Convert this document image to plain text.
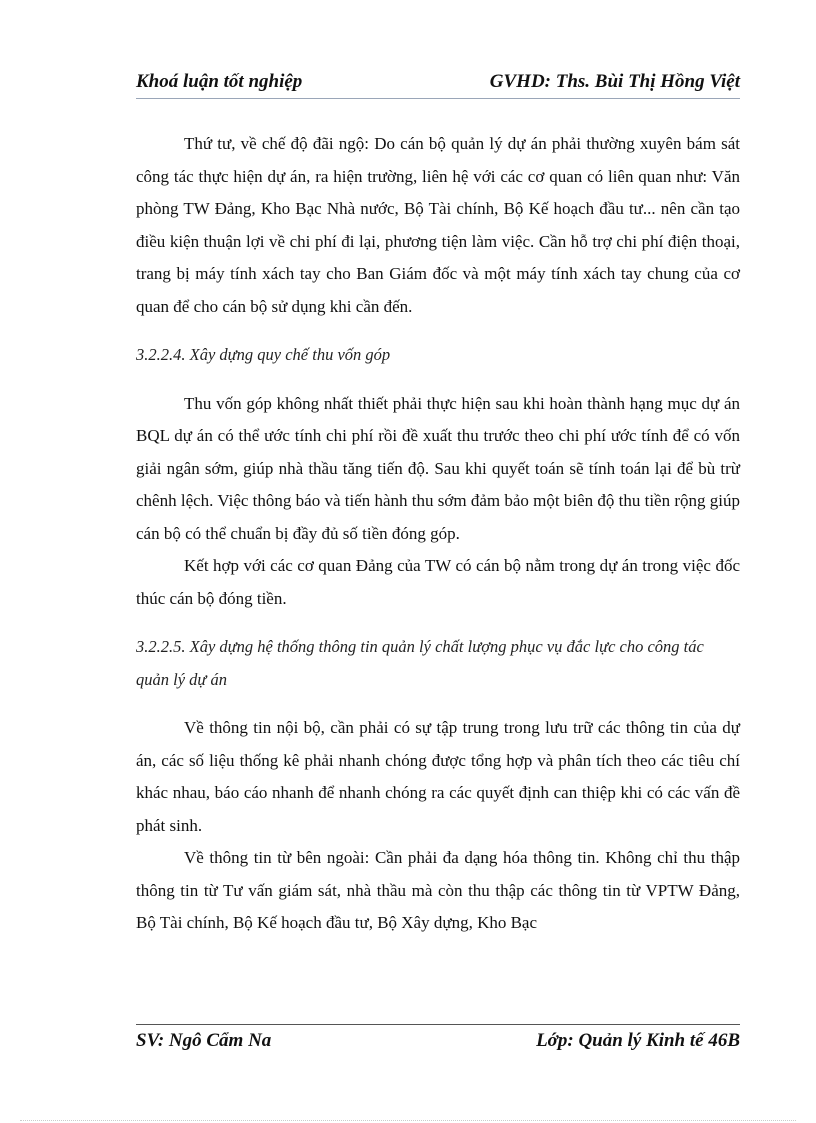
Khoá luận tốt nghiệp	GVHD: Ths. Bùi Thị Hồng Việt

Thứ tư, về chế độ đãi ngộ: Do cán bộ quản lý dự án phải thường xuyên bám sát công tác thực hiện dự án, ra hiện trường, liên hệ với các cơ quan có liên quan như: Văn phòng TW Đảng, Kho Bạc Nhà nước, Bộ Tài chính, Bộ Kế hoạch đầu tư... nên cần tạo điều kiện thuận lợi về chi phí đi lại, phương tiện làm việc. Cần hỗ trợ chi phí điện thoại, trang bị máy tính xách tay cho Ban Giám đốc và một máy tính xách tay chung của cơ quan để cho cán bộ sử dụng khi cần đến.

3.2.2.4. Xây dựng quy chế thu vốn góp

Thu vốn góp không nhất thiết phải thực hiện sau khi hoàn thành hạng mục dự án BQL dự án có thể ước tính chi phí rồi đề xuất thu trước theo chi phí ước tính để có vốn giải ngân sớm, giúp nhà thầu tăng tiến độ. Sau khi quyết toán sẽ tính toán lại để bù trừ chênh lệch. Việc thông báo và tiến hành thu sớm đảm bảo một biên độ thu tiền rộng giúp cán bộ có thể chuẩn bị đầy đủ số tiền đóng góp.

Kết hợp với các cơ quan Đảng của TW có cán bộ nằm trong dự án trong việc đốc thúc cán bộ đóng tiền.

3.2.2.5. Xây dựng hệ thống thông tin quản lý chất lượng phục vụ đắc lực cho công tác quản lý dự án

Về thông tin nội bộ, cần phải có sự tập trung trong lưu trữ các thông tin của dự án, các số liệu thống kê phải nhanh chóng được tổng hợp và phân tích theo các tiêu chí khác nhau, báo cáo nhanh để nhanh chóng ra các quyết định can thiệp khi có các vấn đề phát sinh.

Về thông tin từ bên ngoài: Cần phải đa dạng hóa thông tin. Không chỉ thu thập thông tin từ Tư vấn giám sát, nhà thầu mà còn thu thập các thông tin từ VPTW Đảng, Bộ Tài chính, Bộ Kế hoạch đầu tư, Bộ Xây dựng, Kho Bạc

SV: Ngô Cẩm Na	Lớp: Quản lý Kinh tế 46B
